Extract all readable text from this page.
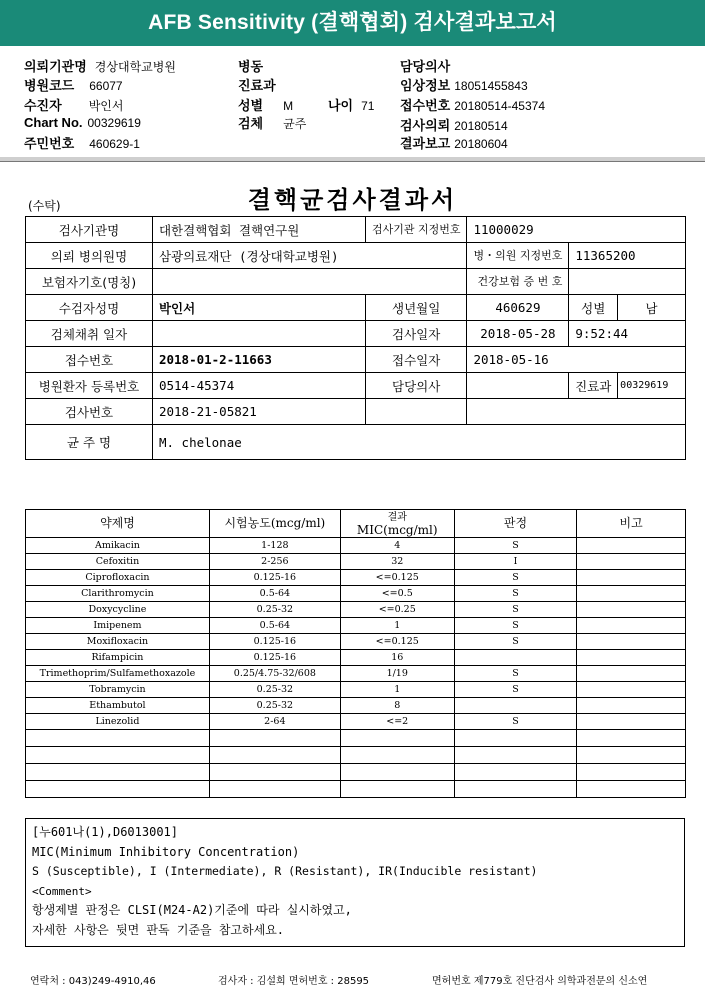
AFB Sensitivity (결핵협회) 검사결과보고서
의뢰기관명 경상대학교병원
병원코드 66077
수진자 박인서
Chart No. 00329619
주민번호 460629-1
병동
진료과
성별 M	나이 71
검체 균주
담당의사
임상정보 18051455843
접수번호 20180514-45374
검사의뢰 20180514
결과보고 20180604
(수탁)	결핵균검사결과서
검사기관명	대한결핵협회 결핵연구원	검사기관 지정번호	11000029		
의뢰 병의원명	삼광의료재단 (경상대학교병원)		병・의원 지정번호	11365200	
보험자기호(명칭)			건강보험 증 번 호		
수검자성명	박인서	생년월일	460629	성별	남
검체채취 일자		검사일자	2018-05-28	9:52:44	
접수번호	2018-01-2-11663	접수일자	2018-05-16		
병원환자 등록번호	0514-45374	담당의사		진료과	00329619
검사번호	2018-21-05821				
균 주 명	M. chelonae				
약제명	시험농도(mcg/ml)	결과
MIC(mcg/ml)	판정	비고
Amikacin	1-128	4	S	
Cefoxitin	2-256	32	I	
Ciprofloxacin	0.125-16	<=0.125	S	
Clarithromycin	0.5-64	<=0.5	S	
Doxycycline	0.25-32	<=0.25	S	
Imipenem	0.5-64	1	S	
Moxifloxacin	0.125-16	<=0.125	S	
Rifampicin	0.125-16	16		
Trimethoprim/Sulfamethoxazole	0.25/4.75-32/608	1/19	S	
Tobramycin	0.25-32	1	S	
Ethambutol	0.25-32	8		
Linezolid	2-64	<=2	S	

[누601나(1),D6013001]
MIC(Minimum Inhibitory Concentration)
S (Susceptible), I (Intermediate), R (Resistant), IR(Inducible resistant)
<Comment>
항생제별 판정은 CLSI(M24-A2)기준에 따라 실시하였고,
자세한 사항은 뒷면 판독 기준을 참고하세요.
연락처 : 043)249-4910,46	검사자 : 김설희 면허번호 : 28595	면허번호 제779호 진단검사 의학과전문의 신소연
